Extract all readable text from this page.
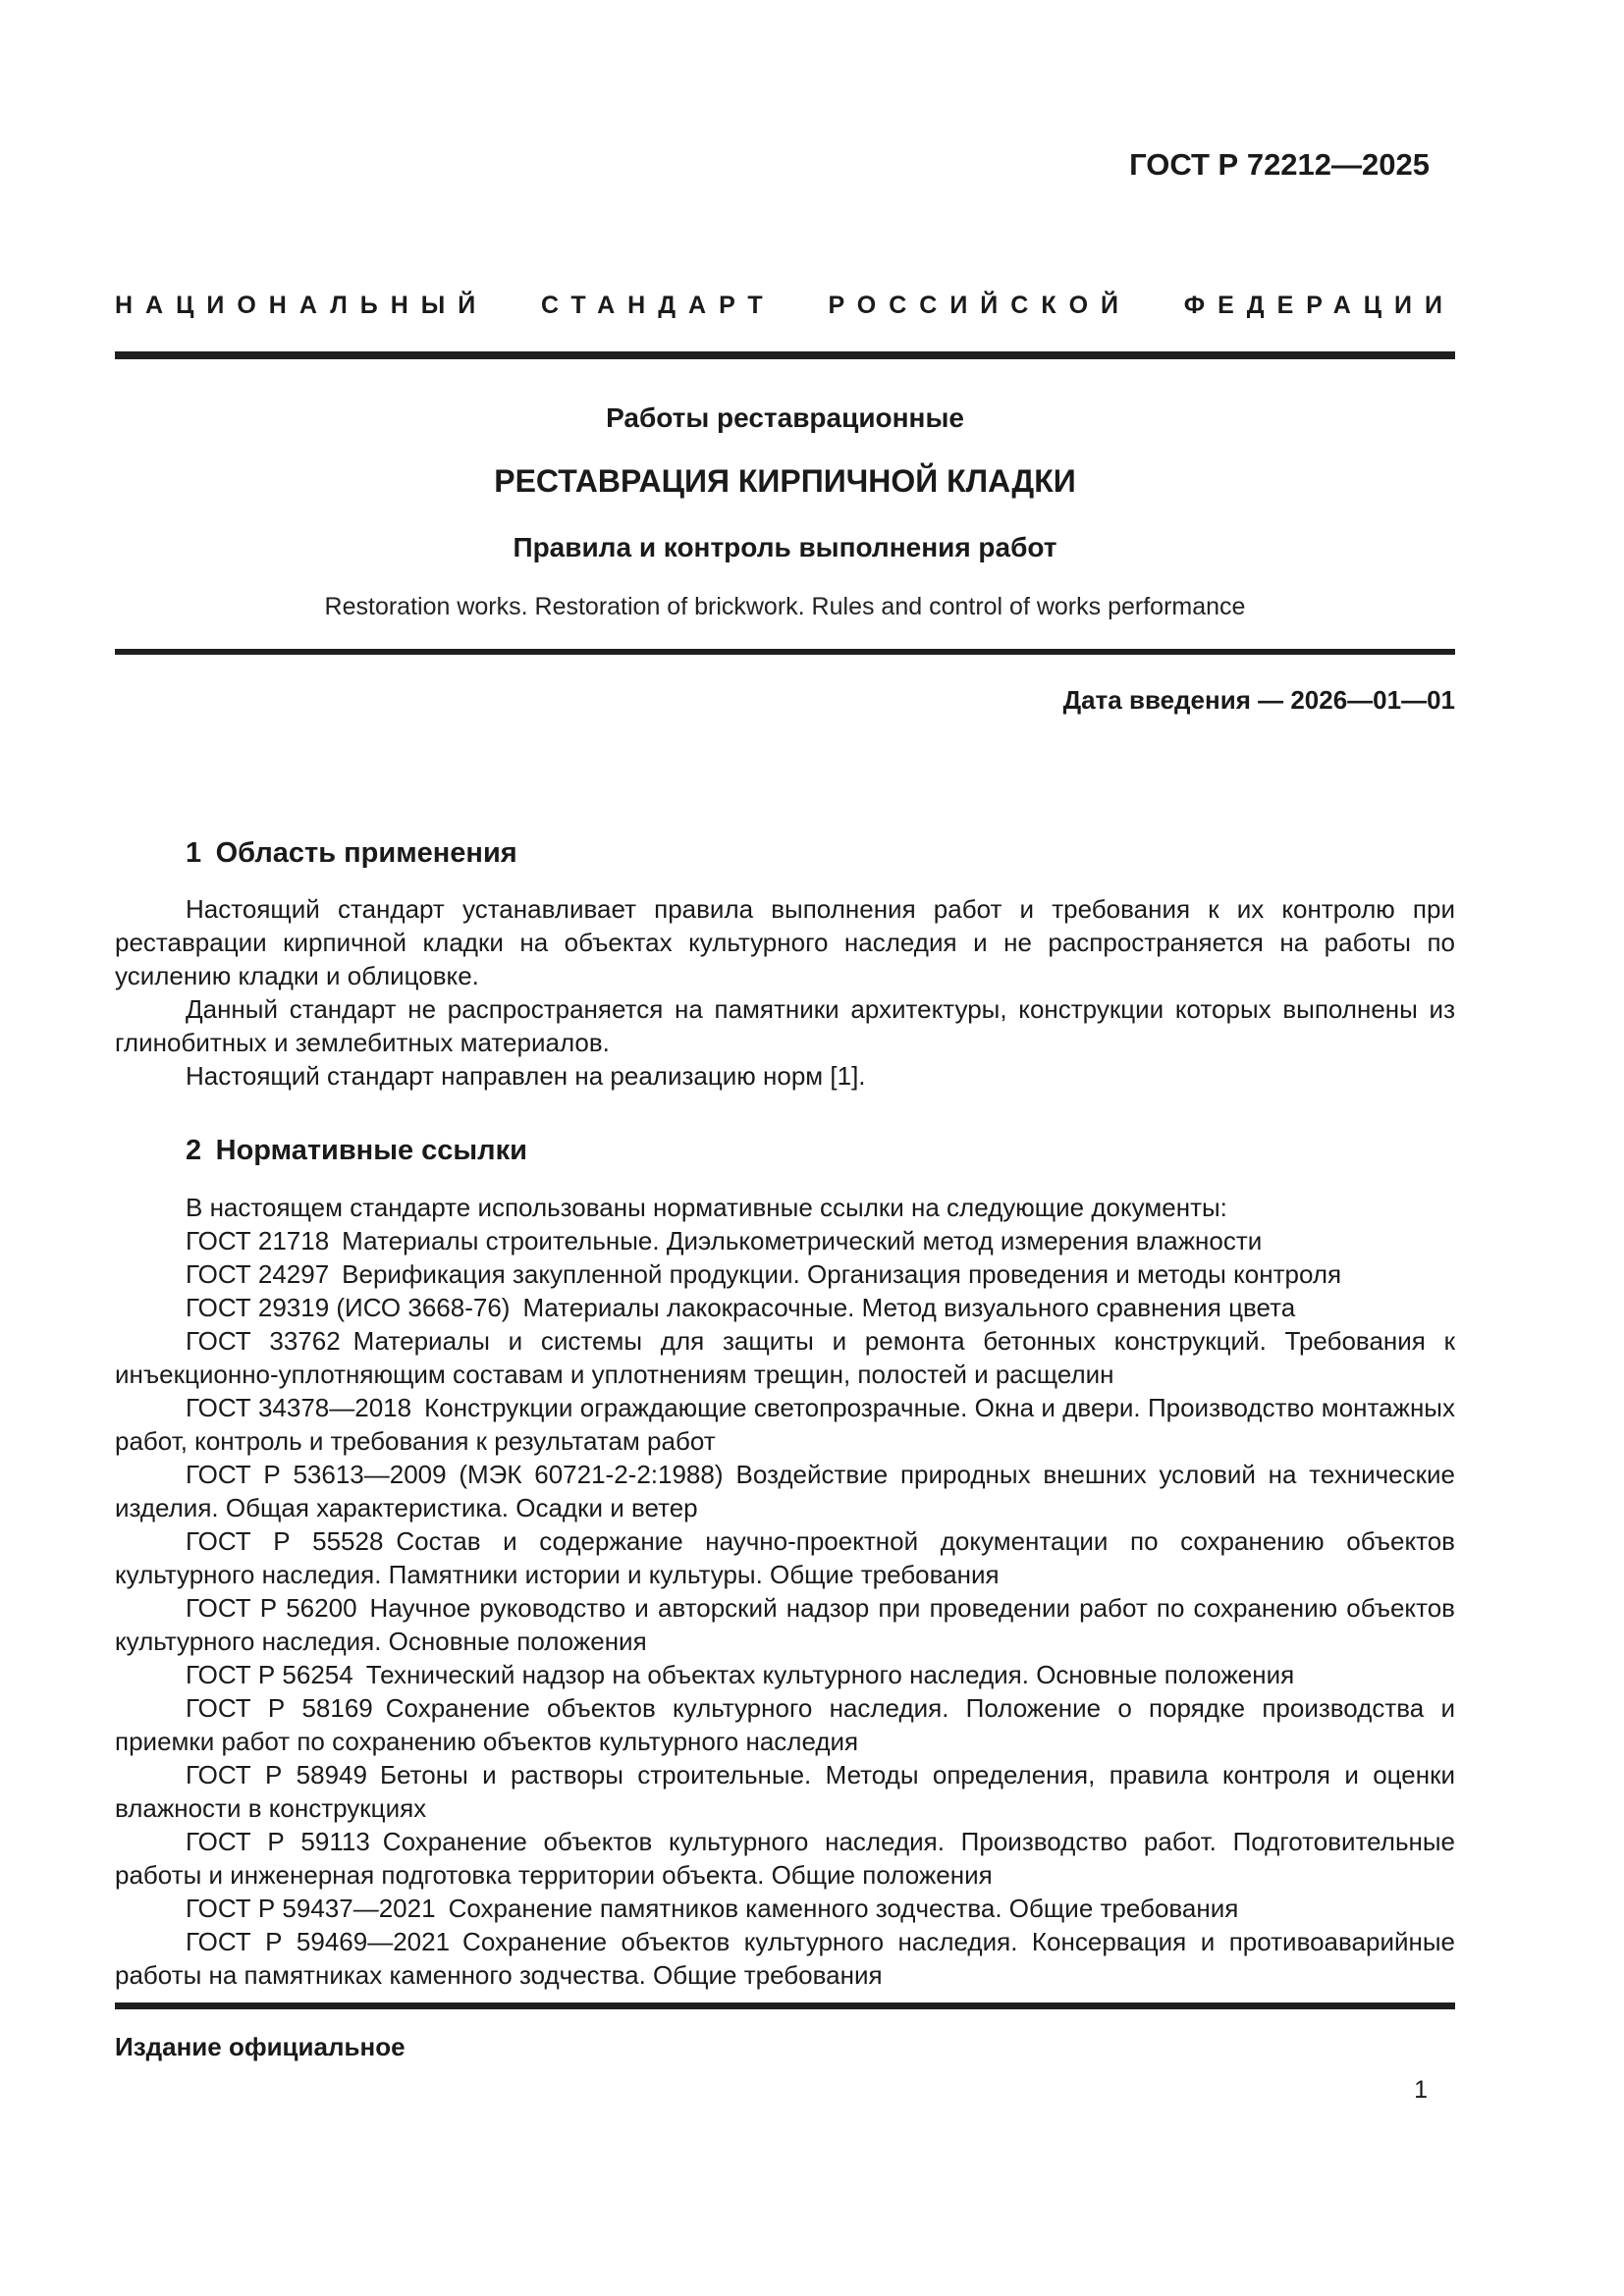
ГОСТ Р 72212—2025
НАЦИОНАЛЬНЫЙ СТАНДАРТ РОССИЙСКОЙ ФЕДЕРАЦИИ
Работы реставрационные
РЕСТАВРАЦИЯ КИРПИЧНОЙ КЛАДКИ
Правила и контроль выполнения работ
Restoration works. Restoration of brickwork. Rules and control of works performance
Дата введения — 2026—01—01
1 Область применения

Настоящий стандарт устанавливает правила выполнения работ и требования к их контролю при реставрации кирпичной кладки на объектах культурного наследия и не распространяется на работы по усилению кладки и облицовке.

Данный стандарт не распространяется на памятники архитектуры, конструкции которых выполнены из глинобитных и землебитных материалов.

Настоящий стандарт направлен на реализацию норм [1].

2 Нормативные ссылки

В настоящем стандарте использованы нормативные ссылки на следующие документы:

ГОСТ 21718 Материалы строительные. Диэлькометрический метод измерения влажности

ГОСТ 24297 Верификация закупленной продукции. Организация проведения и методы контроля

ГОСТ 29319 (ИСО 3668-76) Материалы лакокрасочные. Метод визуального сравнения цвета

ГОСТ 33762 Материалы и системы для защиты и ремонта бетонных конструкций. Требования к инъекционно-уплотняющим составам и уплотнениям трещин, полостей и расщелин

ГОСТ 34378—2018 Конструкции ограждающие светопрозрачные. Окна и двери. Производство монтажных работ, контроль и требования к результатам работ

ГОСТ Р 53613—2009 (МЭК 60721-2-2:1988) Воздействие природных внешних условий на технические изделия. Общая характеристика. Осадки и ветер

ГОСТ Р 55528 Состав и содержание научно-проектной документации по сохранению объектов культурного наследия. Памятники истории и культуры. Общие требования

ГОСТ Р 56200 Научное руководство и авторский надзор при проведении работ по сохранению объектов культурного наследия. Основные положения

ГОСТ Р 56254 Технический надзор на объектах культурного наследия. Основные положения

ГОСТ Р 58169 Сохранение объектов культурного наследия. Положение о порядке производства и приемки работ по сохранению объектов культурного наследия

ГОСТ Р 58949 Бетоны и растворы строительные. Методы определения, правила контроля и оценки влажности в конструкциях

ГОСТ Р 59113 Сохранение объектов культурного наследия. Производство работ. Подготовительные работы и инженерная подготовка территории объекта. Общие положения

ГОСТ Р 59437—2021 Сохранение памятников каменного зодчества. Общие требования

ГОСТ Р 59469—2021 Сохранение объектов культурного наследия. Консервация и противоаварийные работы на памятниках каменного зодчества. Общие требования

Издание официальное
1
